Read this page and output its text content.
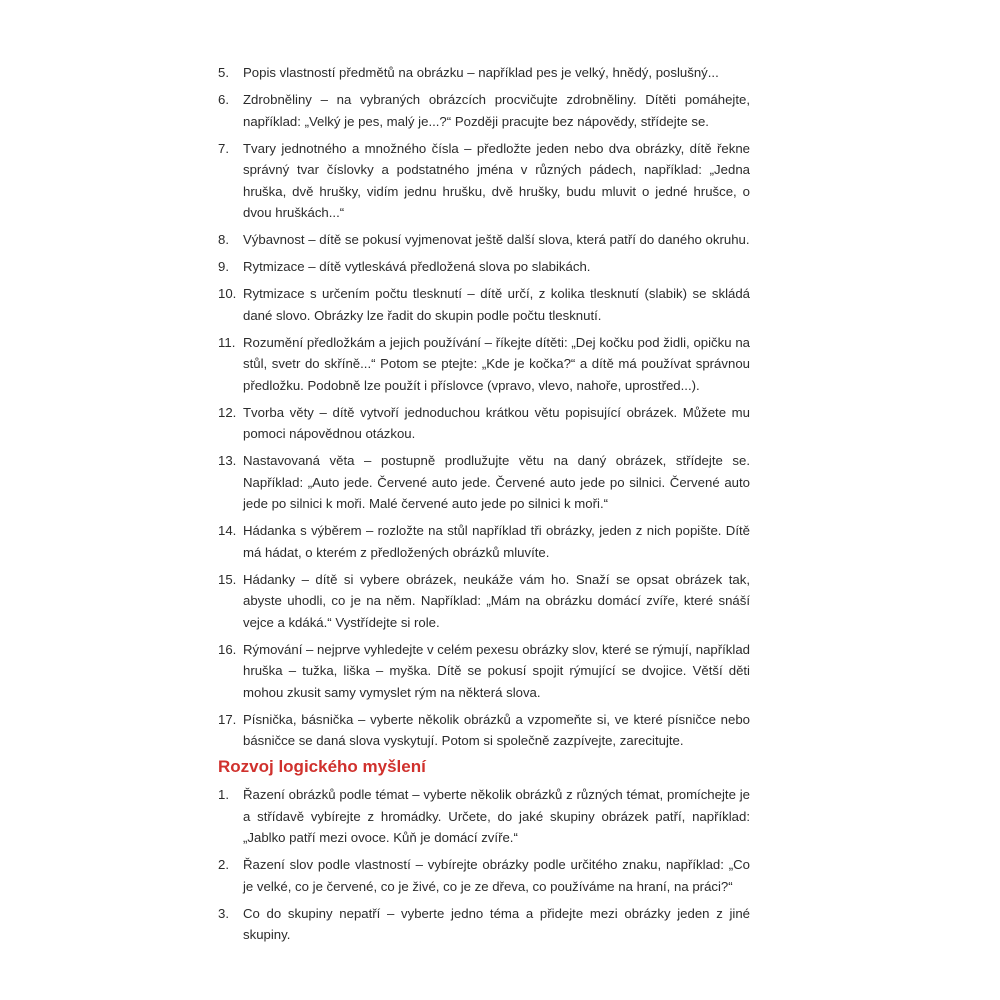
5.	Popis vlastností předmětů na obrázku – například pes je velký, hnědý, poslušný...
6.	Zdrobněliny – na vybraných obrázcích procvičujte zdrobněliny. Dítěti pomáhejte, například: „Velký je pes, malý je...?“ Později pracujte bez nápovědy, střídejte se.
7.	Tvary jednotného a množného čísla – předložte jeden nebo dva obrázky, dítě řekne správný tvar číslovky a podstatného jména v různých pádech, například: „Jedna hruška, dvě hrušky, vidím jednu hrušku, dvě hrušky, budu mluvit o jedné hrušce, o dvou hruškách...“
8.	Výbavnost – dítě se pokusí vyjmenovat ještě další slova, která patří do daného okruhu.
9.	Rytmizace – dítě vytleskává předložená slova po slabikách.
10. Rytmizace s určením počtu tlesknutí – dítě určí, z kolika tlesknutí (slabik) se skládá dané slovo. Obrázky lze řadit do skupin podle počtu tlesknutí.
11. Rozumění předložkám a jejich používání – říkejte dítěti: „Dej kočku pod židli, opičku na stůl, svetr do skříně...“ Potom se ptejte: „Kde je kočka?“ a dítě má používat správnou předložku. Podobně lze použít i příslovce (vpravo, vlevo, nahoře, uprostřed...).
12. Tvorba věty – dítě vytvoří jednoduchou krátkou větu popisující obrázek. Můžete mu pomoci nápovědnou otázkou.
13. Nastavovaná věta – postupně prodlužujte větu na daný obrázek, střídejte se. Například: „Auto jede. Červené auto jede. Červené auto jede po silnici. Červené auto jede po silnici k moři. Malé červené auto jede po silnici k moři.“
14. Hádanka s výběrem – rozložte na stůl například tři obrázky, jeden z nich popište. Dítě má hádat, o kterém z předložených obrázků mluvíte.
15. Hádanky – dítě si vybere obrázek, neukáže vám ho. Snaží se opsat obrázek tak, abyste uhodli, co je na něm. Například: „Mám na obrázku domácí zvíře, které snáší vejce a kdáká.“ Vystřídejte si role.
16. Rýmování – nejprve vyhledejte v celém pexesu obrázky slov, které se rýmují, například hruška – tužka, liška – myška. Dítě se pokusí spojit rýmující se dvojice. Větší děti mohou zkusit samy vymyslet rým na některá slova.
17. Písnička, básnička – vyberte několik obrázků a vzpomeňte si, ve které písničce nebo básničce se daná slova vyskytují. Potom si společně zazpívejte, zarecitujte.
Rozvoj logického myšlení
1.	Řazení obrázků podle témat – vyberte několik obrázků z různých témat, promíchejte je a střídavě vybírejte z hromádky. Určete, do jaké skupiny obrázek patří, například: „Jablko patří mezi ovoce. Kůň je domácí zvíře.“
2.	Řazení slov podle vlastností – vybírejte obrázky podle určitého znaku, například: „Co je velké, co je červené, co je živé, co je ze dřeva, co používáme na hraní, na práci?“
3.	Co do skupiny nepatří – vyberte jedno téma a přidejte mezi obrázky jeden z jiné skupiny.
